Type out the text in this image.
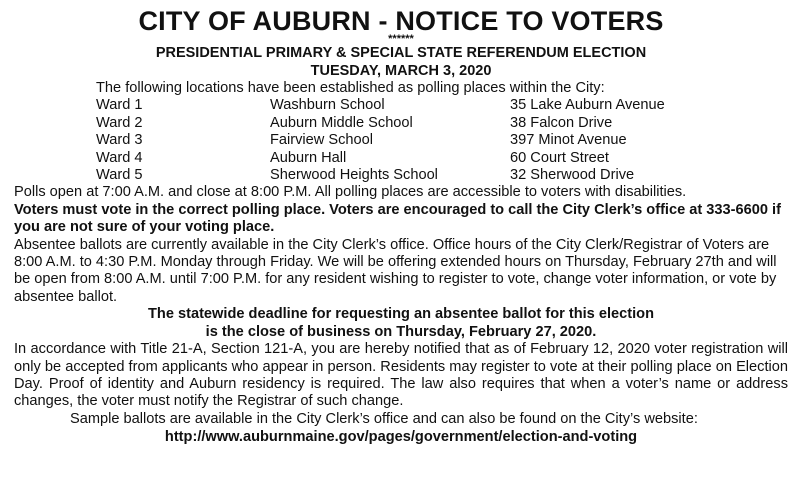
CITY OF AUBURN - NOTICE TO VOTERS
******
PRESIDENTIAL PRIMARY & SPECIAL STATE REFERENDUM ELECTION
TUESDAY, MARCH 3, 2020
The following locations have been established as polling places within the City:
Ward 1	Washburn School	35 Lake Auburn Avenue
Ward 2	Auburn Middle School	38 Falcon Drive
Ward 3	Fairview School	397 Minot Avenue
Ward 4	Auburn Hall	60 Court Street
Ward 5	Sherwood Heights School	32 Sherwood Drive
Polls open at 7:00 A.M. and close at 8:00 P.M. All polling places are accessible to voters with disabilities.
Voters must vote in the correct polling place. Voters are encouraged to call the City Clerk’s office at 333-6600 if you are not sure of your voting place.
Absentee ballots are currently available in the City Clerk’s office. Office hours of the City Clerk/Registrar of Voters are 8:00 A.M. to 4:30 P.M. Monday through Friday. We will be offering extended hours on Thursday, February 27th and will be open from 8:00 A.M. until 7:00 P.M. for any resident wishing to register to vote, change voter information, or vote by absentee ballot.
The statewide deadline for requesting an absentee ballot for this election
is the close of business on Thursday, February 27, 2020.
In accordance with Title 21-A, Section 121-A, you are hereby notified that as of February 12, 2020 voter registration will only be accepted from applicants who appear in person. Residents may register to vote at their polling place on Election Day. Proof of identity and Auburn residency is required. The law also requires that when a voter’s name or address changes, the voter must notify the Registrar of such change.
Sample ballots are available in the City Clerk’s office and can also be found on the City’s website:
http://www.auburnmaine.gov/pages/government/election-and-voting
